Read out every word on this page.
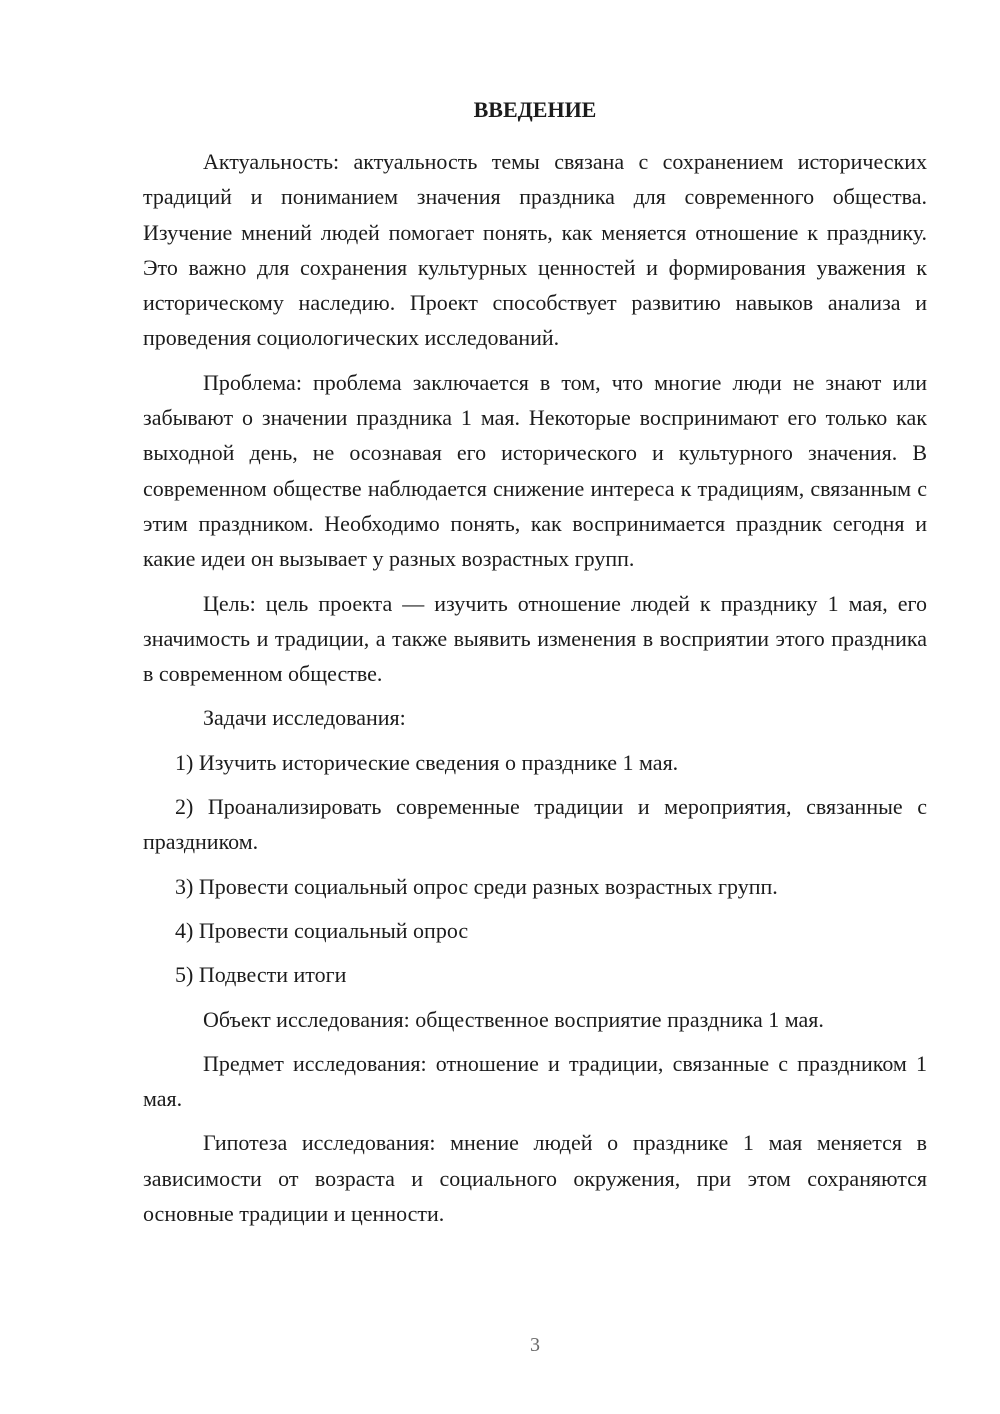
ВВЕДЕНИЕ

Актуальность: актуальность темы связана с сохранением исторических традиций и пониманием значения праздника для современного общества. Изучение мнений людей помогает понять, как меняется отношение к празднику. Это важно для сохранения культурных ценностей и формирования уважения к историческому наследию. Проект способствует развитию навыков анализа и проведения социологических исследований.

Проблема: проблема заключается в том, что многие люди не знают или забывают о значении праздника 1 мая. Некоторые воспринимают его только как выходной день, не осознавая его исторического и культурного значения. В современном обществе наблюдается снижение интереса к традициям, связанным с этим праздником. Необходимо понять, как воспринимается праздник сегодня и какие идеи он вызывает у разных возрастных групп.

Цель: цель проекта — изучить отношение людей к празднику 1 мая, его значимость и традиции, а также выявить изменения в восприятии этого праздника в современном обществе.

Задачи исследования:

1) Изучить исторические сведения о празднике 1 мая.

2) Проанализировать современные традиции и мероприятия, связанные с праздником.

3) Провести социальный опрос среди разных возрастных групп.

4) Провести социальный опрос

5) Подвести итоги

Объект исследования: общественное восприятие праздника 1 мая.

Предмет исследования: отношение и традиции, связанные с праздником 1 мая.

Гипотеза исследования: мнение людей о празднике 1 мая меняется в зависимости от возраста и социального окружения, при этом сохраняются основные традиции и ценности.

3
